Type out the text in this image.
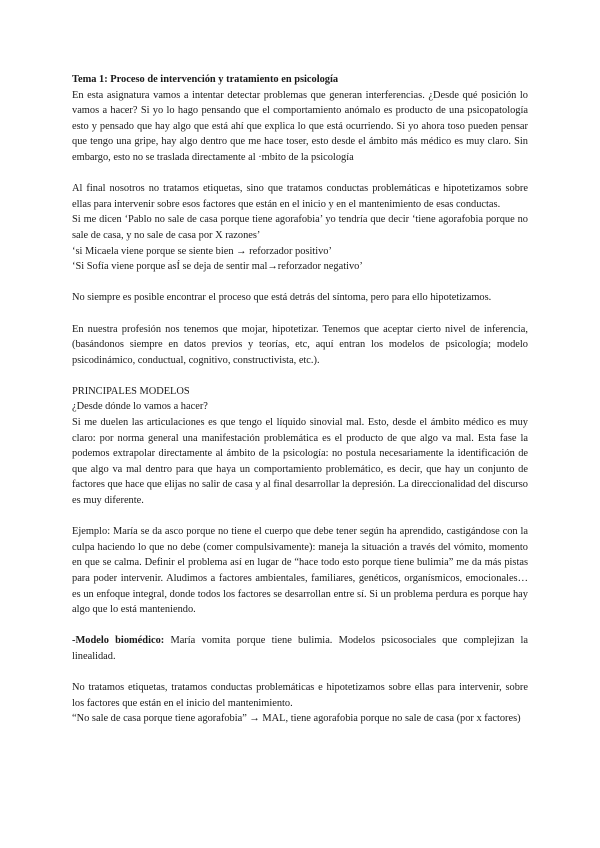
Tema 1: Proceso de intervención y tratamiento en psicología

En esta asignatura vamos a intentar detectar problemas que generan interferencias. ¿Desde qué posición lo vamos a hacer? Si yo lo hago pensando que el comportamiento anómalo es producto de una psicopatología esto y pensado que hay algo que está ahí que explica lo que está ocurriendo. Si yo ahora toso pueden pensar que tengo una gripe, hay algo dentro que me hace toser, esto desde el ámbito más médico es muy claro. Sin embargo, esto no se traslada directamente al ·mbito de la psicología

Al final nosotros no tratamos etiquetas, sino que tratamos conductas problemáticas e hipotetizamos sobre ellas para intervenir sobre esos factores que están en el inicio y en el mantenimiento de esas conductas.

Si me dicen ‘Pablo no sale de casa porque tiene agorafobia’ yo tendría que decir ‘tiene agorafobia porque no sale de casa, y no sale de casa por X razones’

‘si Micaela viene porque se siente bien → reforzador positivo’

‘Si Sofía viene porque asÍ se deja de sentir mal→reforzador negativo’

No siempre es posible encontrar el proceso que está detrás del síntoma, pero para ello hipotetizamos.

En nuestra profesión nos tenemos que mojar, hipotetizar. Tenemos que aceptar cierto nivel de inferencia, (basándonos siempre en datos previos y teorías, etc, aquí entran los modelos de psicología; modelo psicodinámico, conductual, cognitivo, constructivista, etc.).

PRINCIPALES MODELOS

¿Desde dónde lo vamos a hacer?

Si me duelen las articulaciones es que tengo el líquido sinovial mal. Esto, desde el ámbito médico es muy claro: por norma general una manifestación problemática es el producto de que algo va mal. Esta fase la podemos extrapolar directamente al ámbito de la psicología: no postula necesariamente la identificación de que algo va mal dentro para que haya un comportamiento problemático, es decir, que hay un conjunto de factores que hace que elijas no salir de casa y al final desarrollar la depresión. La direccionalidad del discurso es muy diferente.

Ejemplo: María se da asco porque no tiene el cuerpo que debe tener según ha aprendido, castigándose con la culpa haciendo lo que no debe (comer compulsivamente): maneja la situación a través del vómito, momento en que se calma. Definir el problema así en lugar de “hace todo esto porque tiene bulimia” me da más pistas para poder intervenir. Aludimos a factores ambientales, familiares, genéticos, organísmicos, emocionales… es un enfoque integral, donde todos los factores se desarrollan entre sí. Si un problema perdura es porque hay algo que lo está manteniendo.

-Modelo biomédico: María vomita porque tiene bulimia. Modelos psicosociales que complejizan la linealidad.

No tratamos etiquetas, tratamos conductas problemáticas e hipotetizamos sobre ellas para intervenir, sobre los factores que están en el inicio del mantenimiento.

“No sale de casa porque tiene agorafobia” → MAL, tiene agorafobia porque no sale de casa (por x factores)
